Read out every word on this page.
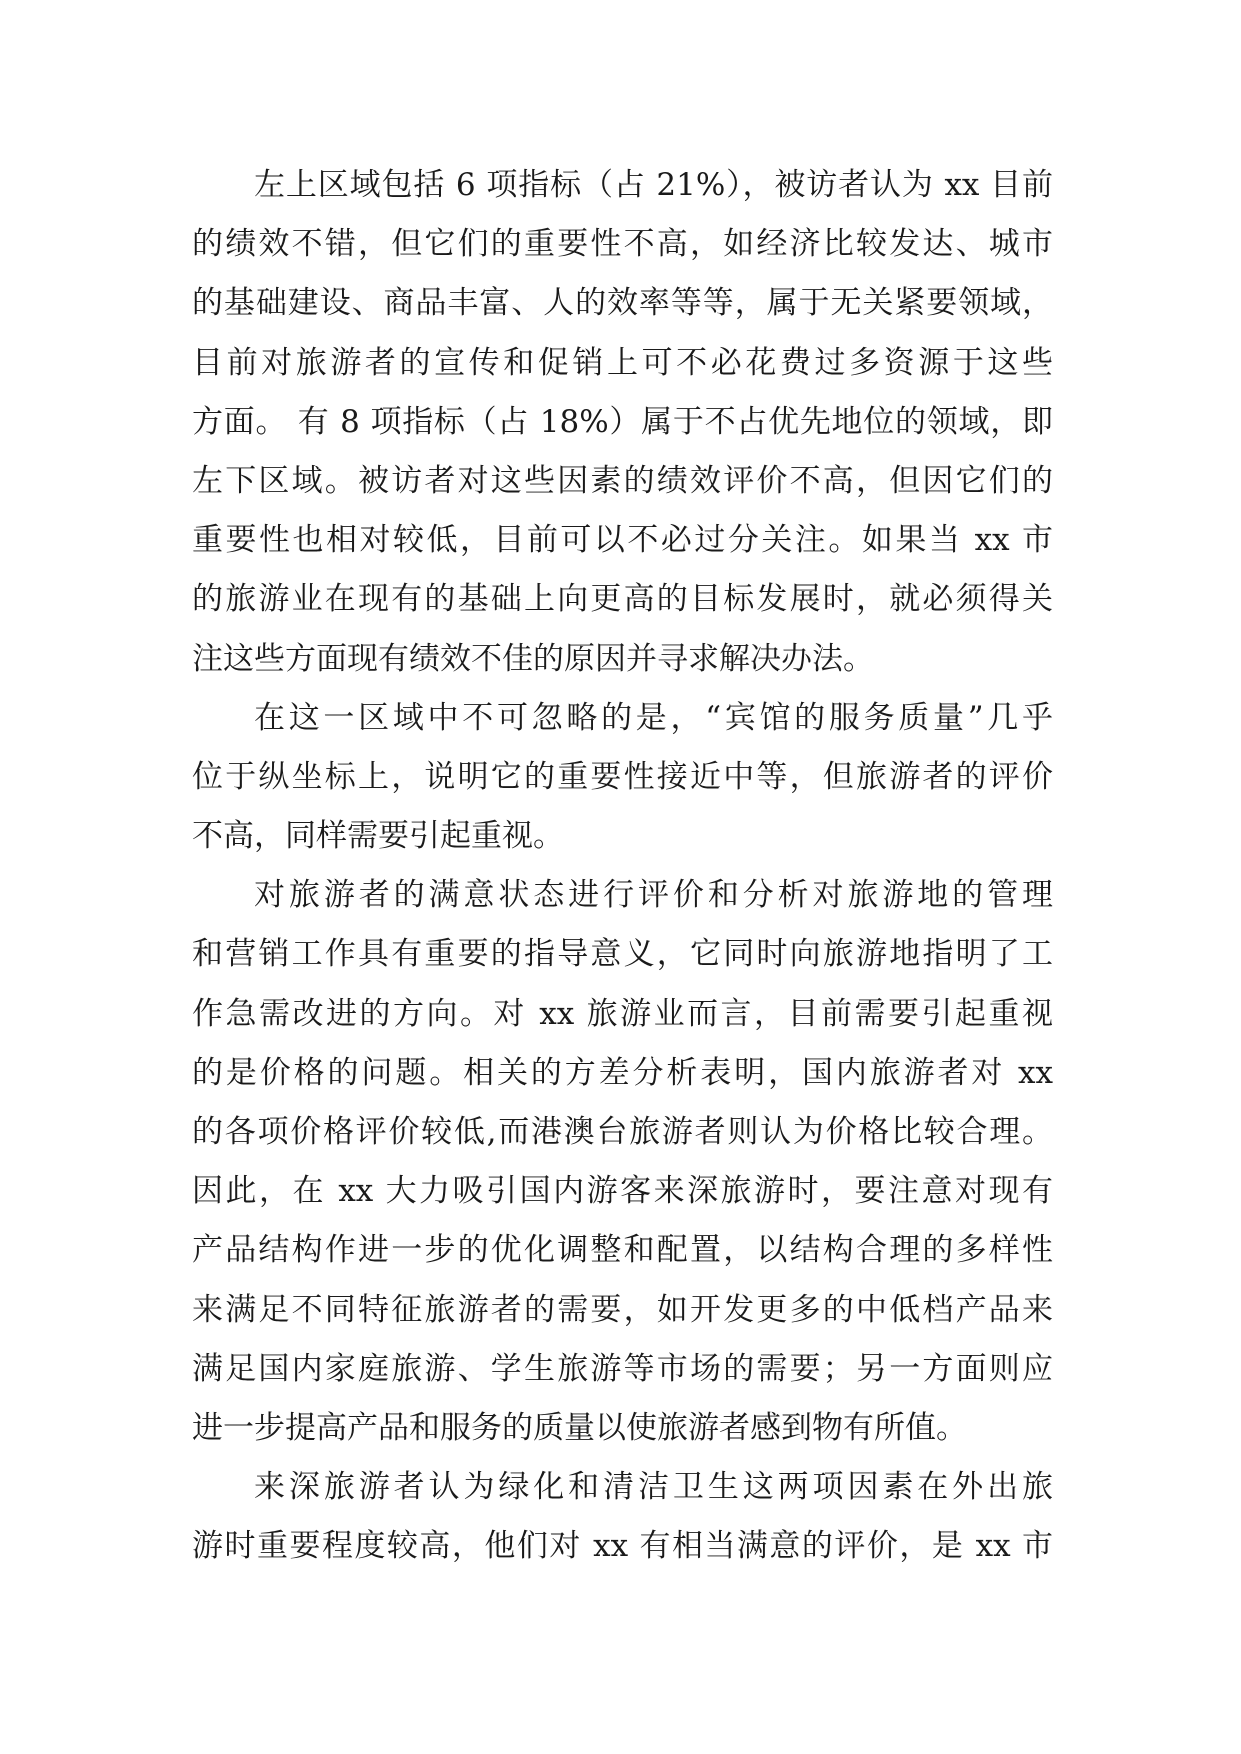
左上区域包括 6 项指标（占 21%），被访者认为 xx 目前
的绩效不错，但它们的重要性不高，如经济比较发达、城市
的基础建设、商品丰富、人的效率等等，属于无关紧要领域，
目前对旅游者的宣传和促销上可不必花费过多资源于这些
方面。 有 8 项指标（占 18%）属于不占优先地位的领域，即
左下区域。被访者对这些因素的绩效评价不高，但因它们的
重要性也相对较低，目前可以不必过分关注。如果当 xx 市
的旅游业在现有的基础上向更高的目标发展时，就必须得关
注这些方面现有绩效不佳的原因并寻求解决办法。
在这一区域中不可忽略的是，“宾馆的服务质量”几乎
位于纵坐标上，说明它的重要性接近中等，但旅游者的评价
不高，同样需要引起重视。
对旅游者的满意状态进行评价和分析对旅游地的管理
和营销工作具有重要的指导意义，它同时向旅游地指明了工
作急需改进的方向。对 xx 旅游业而言，目前需要引起重视
的是价格的问题。相关的方差分析表明，国内旅游者对 xx
的各项价格评价较低,而港澳台旅游者则认为价格比较合理。
因此，在 xx 大力吸引国内游客来深旅游时，要注意对现有
产品结构作进一步的优化调整和配置，以结构合理的多样性
来满足不同特征旅游者的需要，如开发更多的中低档产品来
满足国内家庭旅游、学生旅游等市场的需要；另一方面则应
进一步提高产品和服务的质量以使旅游者感到物有所值。
来深旅游者认为绿化和清洁卫生这两项因素在外出旅
游时重要程度较高，他们对 xx 有相当满意的评价，是 xx 市
